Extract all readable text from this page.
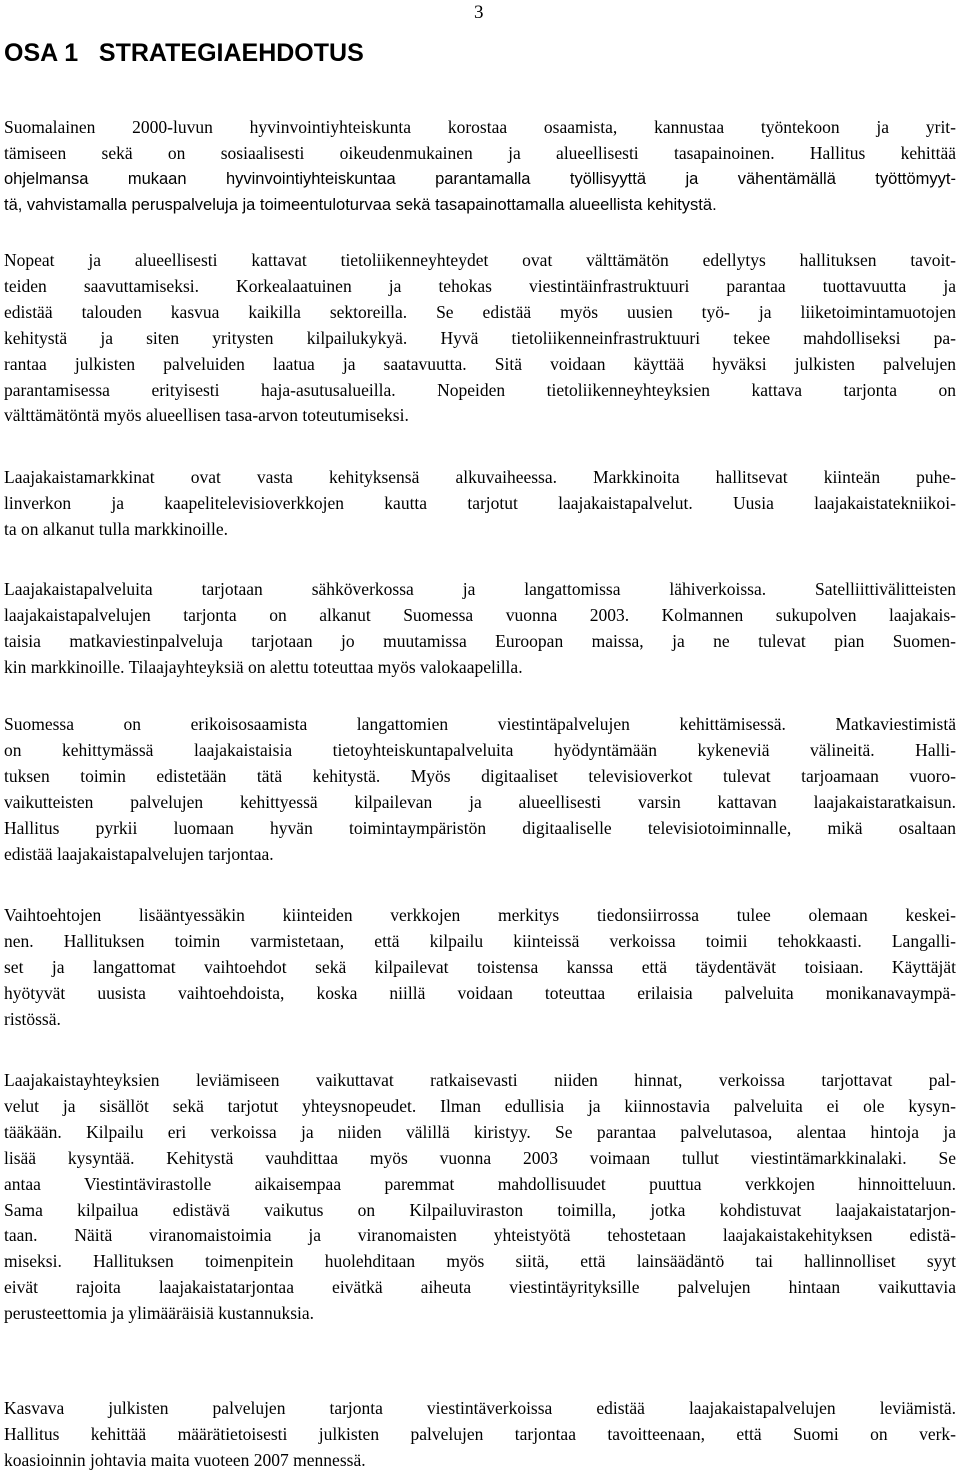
3
OSA 1   STRATEGIAEHDOTUS

Suomalainen 2000-luvun hyvinvointiyhteiskunta korostaa osaamista, kannustaa työntekoon ja yrit-
tämiseen sekä on sosiaalisesti oikeudenmukainen ja alueellisesti tasapainoinen. Hallitus kehittää
ohjelmansa mukaan hyvinvointiyhteiskuntaa parantamalla työllisyyttä ja vähentämällä työttömyyt-
tä, vahvistamalla peruspalveluja ja toimeentuloturvaa sekä tasapainottamalla alueellista kehitystä.

Nopeat ja alueellisesti kattavat tietoliikenneyhteydet ovat välttämätön edellytys hallituksen tavoit-
teiden saavuttamiseksi. Korkealaatuinen ja tehokas viestintäinfrastruktuuri parantaa tuottavuutta ja
edistää talouden kasvua kaikilla sektoreilla. Se edistää myös uusien työ- ja liiketoimintamuotojen
kehitystä ja siten yritysten kilpailukykyä. Hyvä tietoliikenneinfrastruktuuri tekee mahdolliseksi pa-
rantaa julkisten palveluiden laatua ja saatavuutta. Sitä voidaan käyttää hyväksi julkisten palvelujen
parantamisessa erityisesti haja-asutusalueilla. Nopeiden tietoliikenneyhteyksien kattava tarjonta on
välttämätöntä myös alueellisen tasa-arvon toteutumiseksi.

Laajakaistamarkkinat ovat vasta kehityksensä alkuvaiheessa. Markkinoita hallitsevat kiinteän puhe-
linverkon ja kaapelitelevisioverkkojen kautta tarjotut laajakaistapalvelut. Uusia laajakaistatekniikoi-
ta on alkanut tulla markkinoille.

Laajakaistapalveluita tarjotaan sähköverkossa ja langattomissa lähiverkoissa. Satelliittivälitteisten
laajakaistapalvelujen tarjonta on alkanut Suomessa vuonna 2003. Kolmannen sukupolven laajakais-
taisia matkaviestinpalveluja tarjotaan jo muutamissa Euroopan maissa, ja ne tulevat pian Suomen-
kin markkinoille. Tilaajayhteyksiä on alettu toteuttaa myös valokaapelilla.

Suomessa on erikoisosaamista langattomien viestintäpalvelujen kehittämisessä. Matkaviestimistä
on kehittymässä laajakaistaisia tietoyhteiskuntapalveluita hyödyntämään kykeneviä välineitä. Halli-
tuksen toimin edistetään tätä kehitystä. Myös digitaaliset televisioverkot tulevat tarjoamaan vuoro-
vaikutteisten palvelujen kehittyessä kilpailevan ja alueellisesti varsin kattavan laajakaistaratkaisun.
Hallitus pyrkii luomaan hyvän toimintaympäristön digitaaliselle televisiotoiminnalle, mikä osaltaan
edistää laajakaistapalvelujen tarjontaa.

Vaihtoehtojen lisääntyessäkin kiinteiden verkkojen merkitys tiedonsiirrossa tulee olemaan keskei-
nen. Hallituksen toimin varmistetaan, että kilpailu kiinteissä verkoissa toimii tehokkaasti. Langalli-
set ja langattomat vaihtoehdot sekä kilpailevat toistensa kanssa että täydentävät toisiaan. Käyttäjät
hyötyvät uusista vaihtoehdoista, koska niillä voidaan toteuttaa erilaisia palveluita monikanavaympä-
ristössä.

Laajakaistayhteyksien leviämiseen vaikuttavat ratkaisevasti niiden hinnat, verkoissa tarjottavat pal-
velut ja sisällöt sekä tarjotut yhteysnopeudet. Ilman edullisia ja kiinnostavia palveluita ei ole kysyn-
tääkään. Kilpailu eri verkoissa ja niiden välillä kiristyy. Se parantaa palvelutasoa, alentaa hintoja ja
lisää kysyntää. Kehitystä vauhdittaa myös vuonna 2003 voimaan tullut viestintämarkkinalaki. Se
antaa Viestintävirastolle aikaisempaa paremmat mahdollisuudet puuttua verkkojen hinnoitteluun.
Sama kilpailua edistävä vaikutus on Kilpailuviraston toimilla, jotka kohdistuvat laajakaistatarjon-
taan. Näitä viranomaistoimia ja viranomaisten yhteistyötä tehostetaan laajakaistakehityksen edistä-
miseksi. Hallituksen toimenpitein huolehditaan myös siitä, että lainsäädäntö tai hallinnolliset syyt
eivät rajoita laajakaistatarjontaa eivätkä aiheuta viestintäyrityksille palvelujen hintaan vaikuttavia
perusteettomia ja ylimääräisiä kustannuksia.

Kasvava julkisten palvelujen tarjonta viestintäverkoissa edistää laajakaistapalvelujen leviämistä.
Hallitus kehittää määrätietoisesti julkisten palvelujen tarjontaa tavoitteenaan, että Suomi on verk-
koasioinnin johtavia maita vuoteen 2007 mennessä.
